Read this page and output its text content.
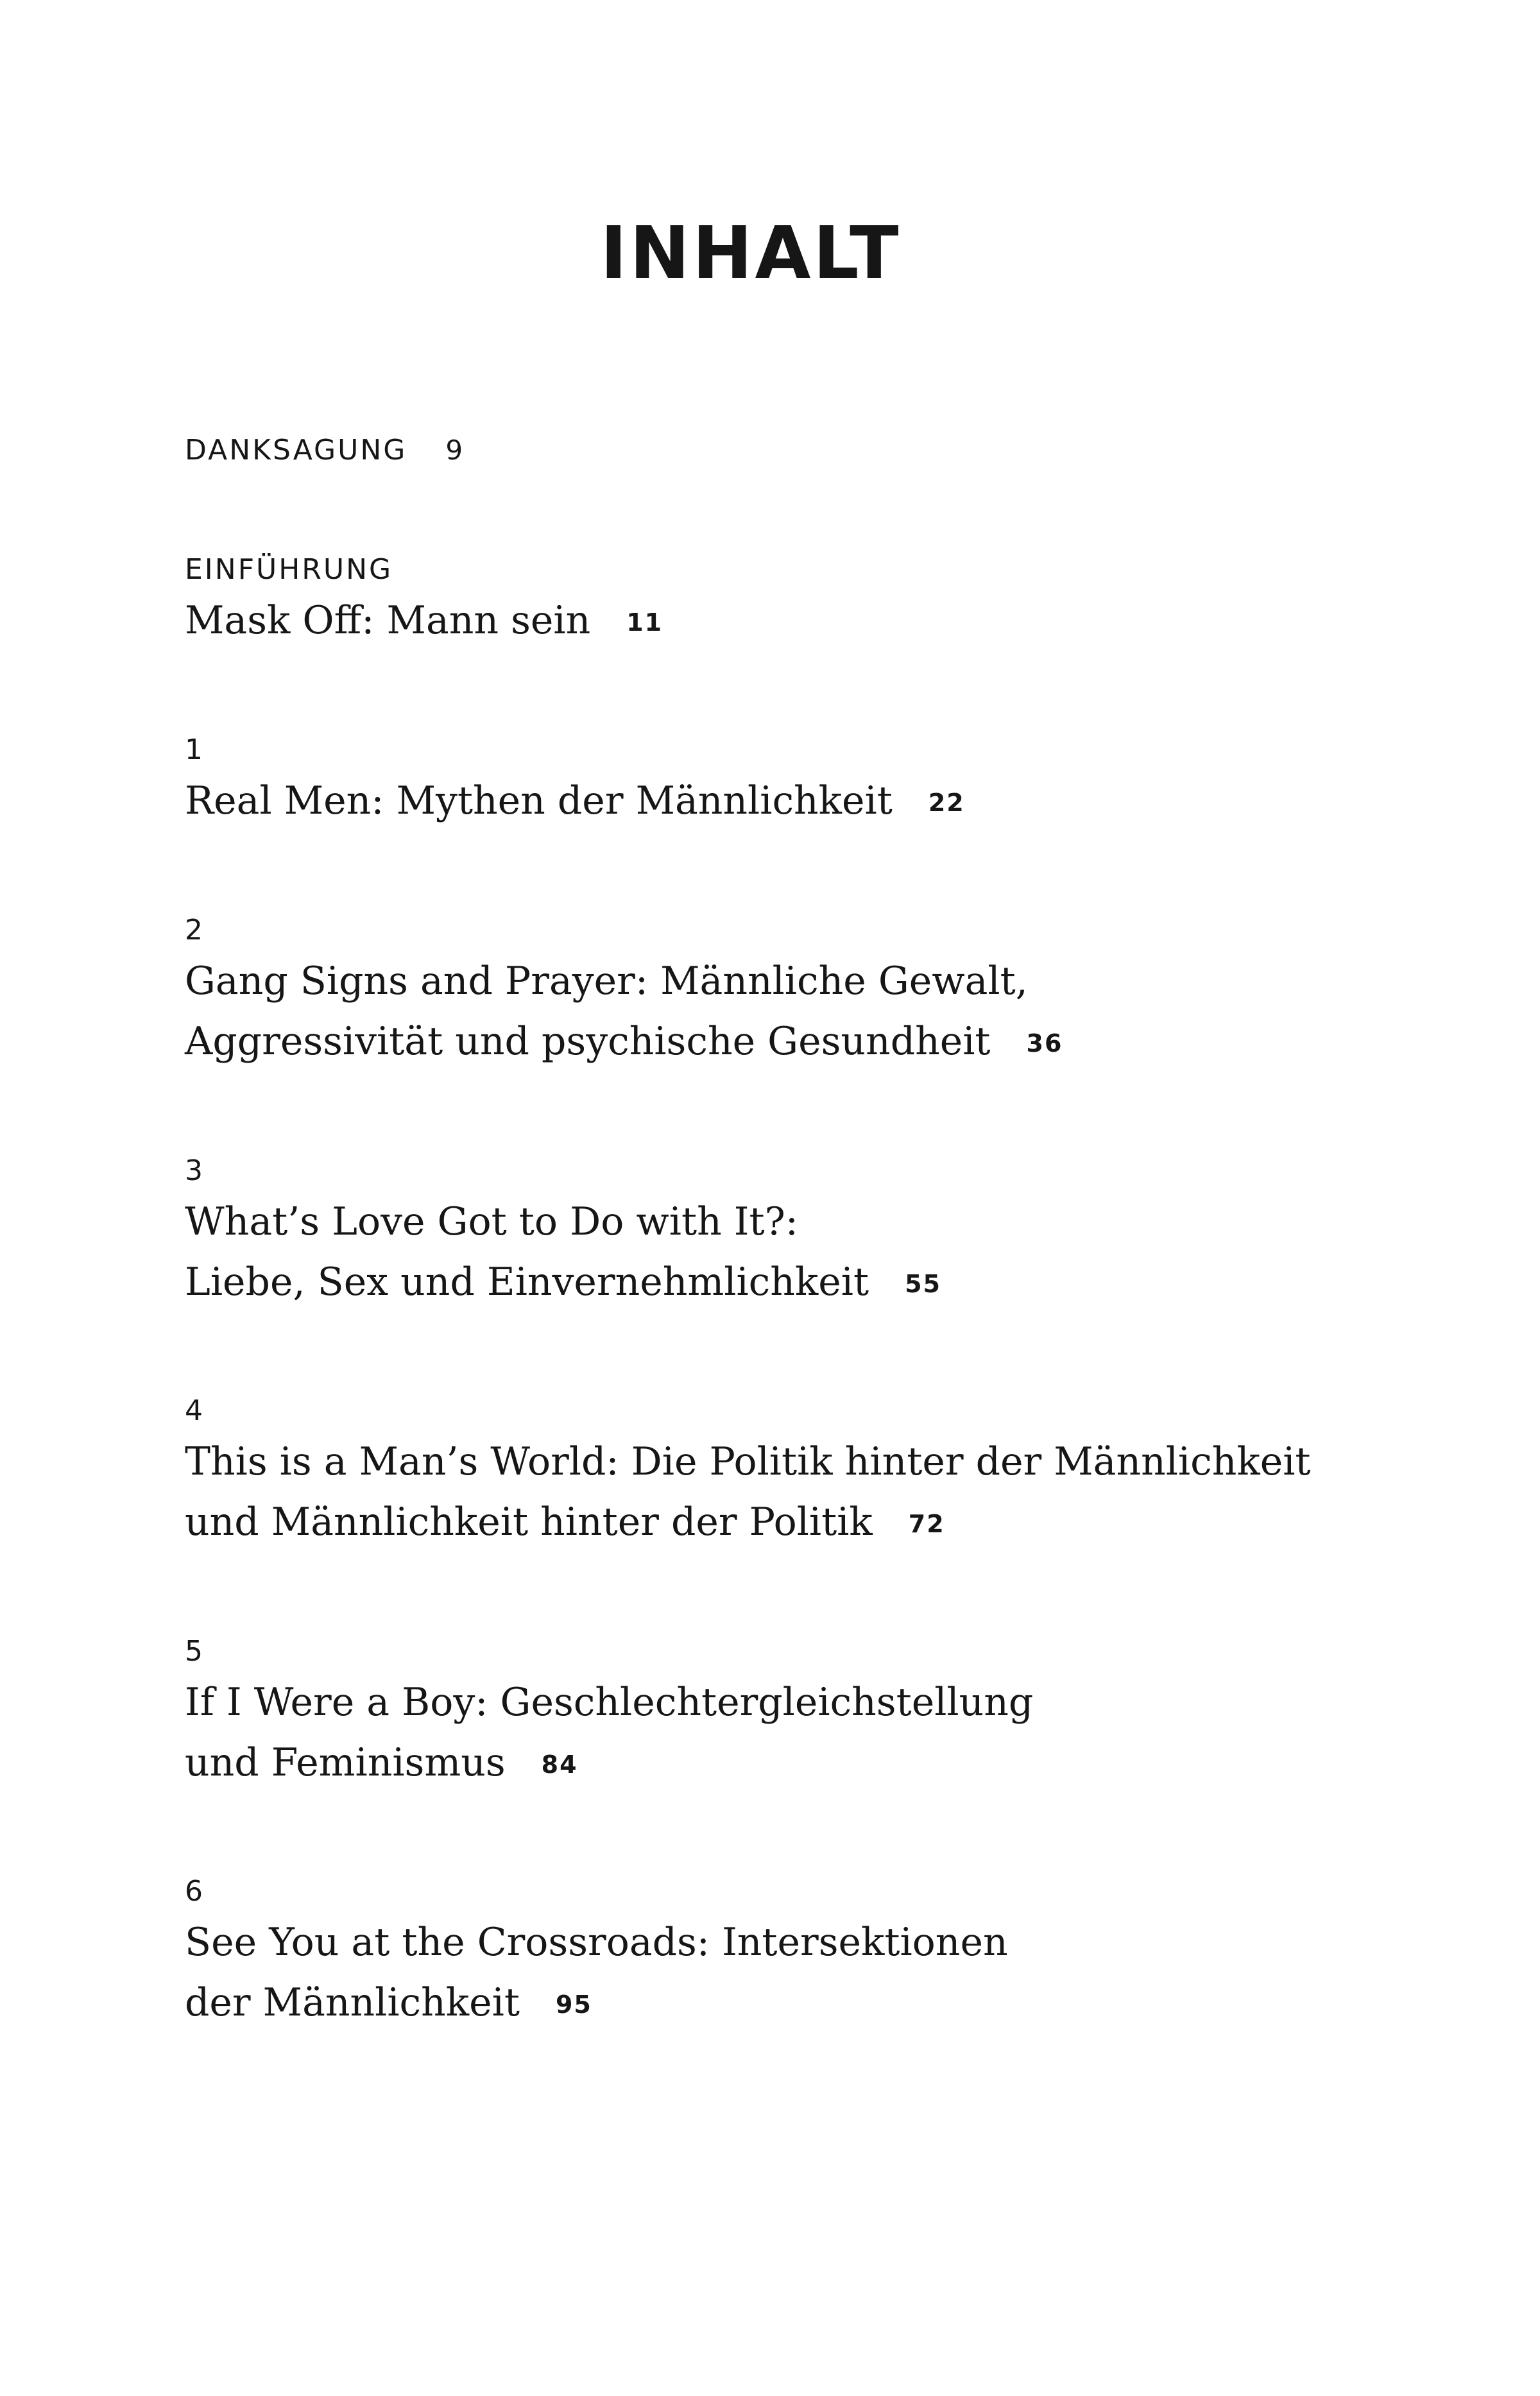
INHALT
DANKSAGUNG 9
EINFÜHRUNG
Mask Off: Mann sein 11
1
Real Men: Mythen der Männlichkeit 22
2
Gang Signs and Prayer: Männliche Gewalt,
Aggressivität und psychische Gesundheit 36
3
What’s Love Got to Do with It?:
Liebe, Sex und Einvernehmlichkeit 55
4
This is a Man’s World: Die Politik hinter der Männlichkeit
und Männlichkeit hinter der Politik 72
5
If I Were a Boy: Geschlechtergleichstellung
und Feminismus 84
6
See You at the Crossroads: Intersektionen
der Männlichkeit 95
